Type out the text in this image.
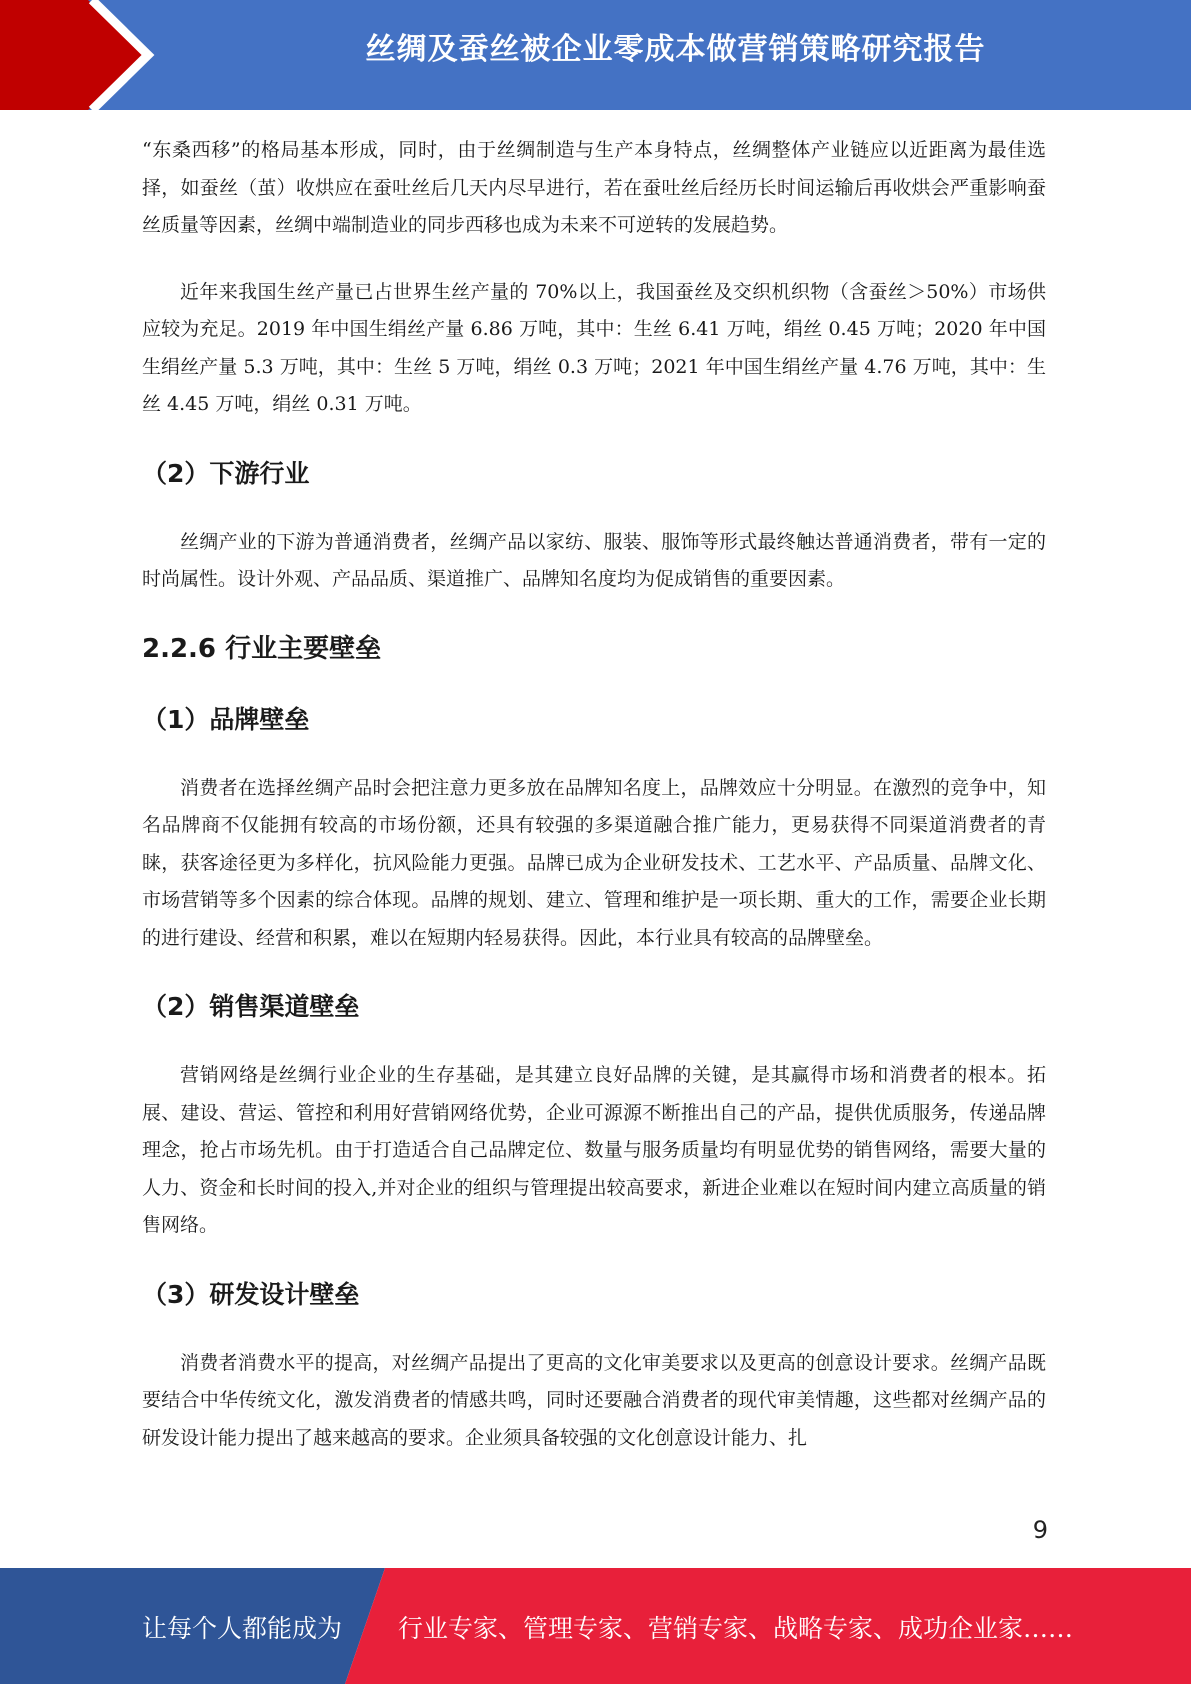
丝绸及蚕丝被企业零成本做营销策略研究报告

“东桑西移”的格局基本形成，同时，由于丝绸制造与生产本身特点，丝绸整体产业链应以近距离为最佳选择，如蚕丝（茧）收烘应在蚕吐丝后几天内尽早进行，若在蚕吐丝后经历长时间运输后再收烘会严重影响蚕丝质量等因素，丝绸中端制造业的同步西移也成为未来不可逆转的发展趋势。

近年来我国生丝产量已占世界生丝产量的 70%以上，我国蚕丝及交织机织物（含蚕丝＞50%）市场供应较为充足。2019 年中国生绢丝产量 6.86 万吨，其中：生丝 6.41 万吨，绢丝 0.45 万吨；2020 年中国生绢丝产量 5.3 万吨，其中：生丝 5 万吨，绢丝 0.3 万吨；2021 年中国生绢丝产量 4.76 万吨，其中：生丝 4.45 万吨，绢丝 0.31 万吨。

（2）下游行业

丝绸产业的下游为普通消费者，丝绸产品以家纺、服装、服饰等形式最终触达普通消费者，带有一定的时尚属性。设计外观、产品品质、渠道推广、品牌知名度均为促成销售的重要因素。

2.2.6 行业主要壁垒
（1）品牌壁垒

消费者在选择丝绸产品时会把注意力更多放在品牌知名度上，品牌效应十分明显。在激烈的竞争中，知名品牌商不仅能拥有较高的市场份额，还具有较强的多渠道融合推广能力，更易获得不同渠道消费者的青睐，获客途径更为多样化，抗风险能力更强。品牌已成为企业研发技术、工艺水平、产品质量、品牌文化、市场营销等多个因素的综合体现。品牌的规划、建立、管理和维护是一项长期、重大的工作，需要企业长期的进行建设、经营和积累，难以在短期内轻易获得。因此，本行业具有较高的品牌壁垒。

（2）销售渠道壁垒

营销网络是丝绸行业企业的生存基础，是其建立良好品牌的关键，是其赢得市场和消费者的根本。拓展、建设、营运、管控和利用好营销网络优势，企业可源源不断推出自己的产品，提供优质服务，传递品牌理念，抢占市场先机。由于打造适合自己品牌定位、数量与服务质量均有明显优势的销售网络，需要大量的人力、资金和长时间的投入,并对企业的组织与管理提出较高要求，新进企业难以在短时间内建立高质量的销售网络。

（3）研发设计壁垒

消费者消费水平的提高，对丝绸产品提出了更高的文化审美要求以及更高的创意设计要求。丝绸产品既要结合中华传统文化，激发消费者的情感共鸣，同时还要融合消费者的现代审美情趣，这些都对丝绸产品的研发设计能力提出了越来越高的要求。企业须具备较强的文化创意设计能力、扎

9
让每个人都能成为 行业专家、管理专家、营销专家、战略专家、成功企业家……
